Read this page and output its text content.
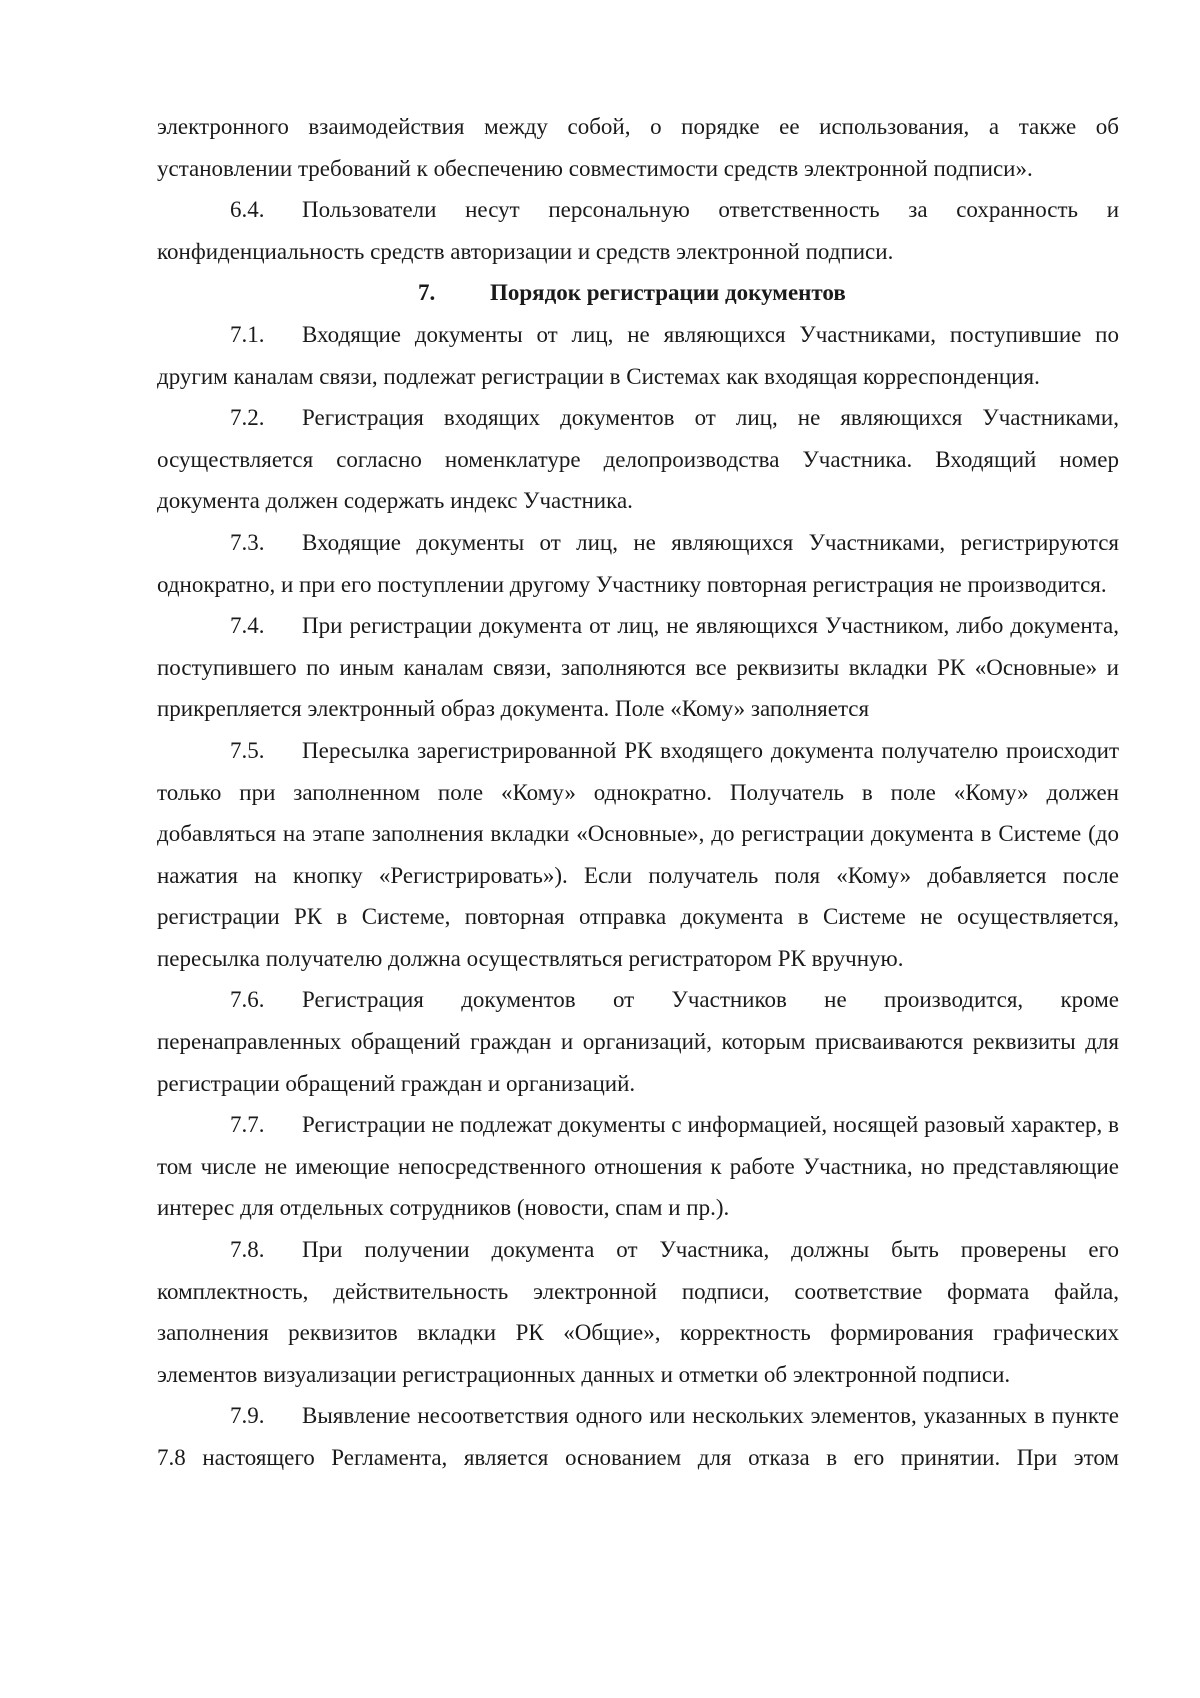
электронного взаимодействия между собой, о порядке ее использования, а также об установлении требований к обеспечению совместимости средств электронной подписи».

6.4. Пользователи несут персональную ответственность за сохранность и конфиденциальность средств авторизации и средств электронной подписи.

7. Порядок регистрации документов

7.1. Входящие документы от лиц, не являющихся Участниками, поступившие по другим каналам связи, подлежат регистрации в Системах как входящая корреспонденция.

7.2. Регистрация входящих документов от лиц, не являющихся Участниками, осуществляется согласно номенклатуре делопроизводства Участника. Входящий номер документа должен содержать индекс Участника.

7.3. Входящие документы от лиц, не являющихся Участниками, регистрируются однократно, и при его поступлении другому Участнику повторная регистрация не производится.

7.4. При регистрации документа от лиц, не являющихся Участником, либо документа, поступившего по иным каналам связи, заполняются все реквизиты вкладки РК «Основные» и прикрепляется электронный образ документа. Поле «Кому» заполняется

7.5. Пересылка зарегистрированной РК входящего документа получателю происходит только при заполненном поле «Кому» однократно. Получатель в поле «Кому» должен добавляться на этапе заполнения вкладки «Основные», до регистрации документа в Системе (до нажатия на кнопку «Регистрировать»). Если получатель поля «Кому» добавляется после регистрации РК в Системе, повторная отправка документа в Системе не осуществляется, пересылка получателю должна осуществляться регистратором РК вручную.

7.6. Регистрация документов от Участников не производится, кроме перенаправленных обращений граждан и организаций, которым присваиваются реквизиты для регистрации обращений граждан и организаций.

7.7. Регистрации не подлежат документы с информацией, носящей разовый характер, в том числе не имеющие непосредственного отношения к работе Участника, но представляющие интерес для отдельных сотрудников (новости, спам и пр.).

7.8. При получении документа от Участника, должны быть проверены его комплектность, действительность электронной подписи, соответствие формата файла, заполнения реквизитов вкладки РК «Общие», корректность формирования графических элементов визуализации регистрационных данных и отметки об электронной подписи.

7.9. Выявление несоответствия одного или нескольких элементов, указанных в пункте 7.8 настоящего Регламента, является основанием для отказа в его принятии. При этом
